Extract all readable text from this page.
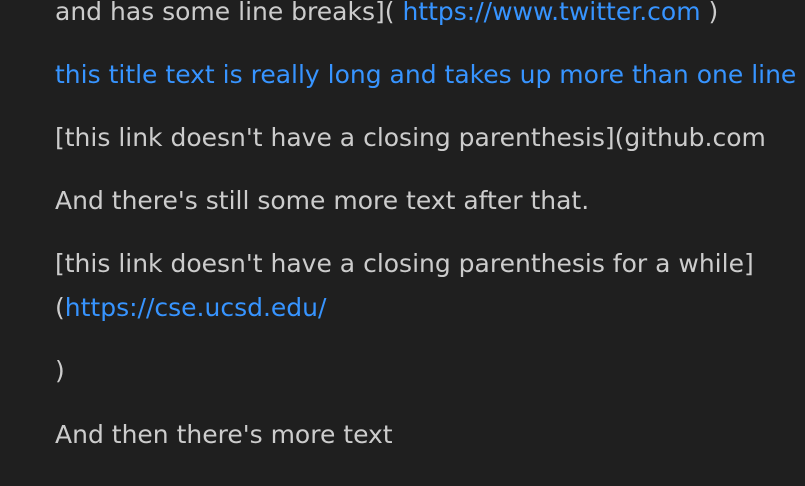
and has some line breaks]( https://www.twitter.com )

this title text is really long and takes up more than one line

[this link doesn't have a closing parenthesis](github.com

And there's still some more text after that.

[this link doesn't have a closing parenthesis for a while]
(https://cse.ucsd.edu/

)

And then there's more text
